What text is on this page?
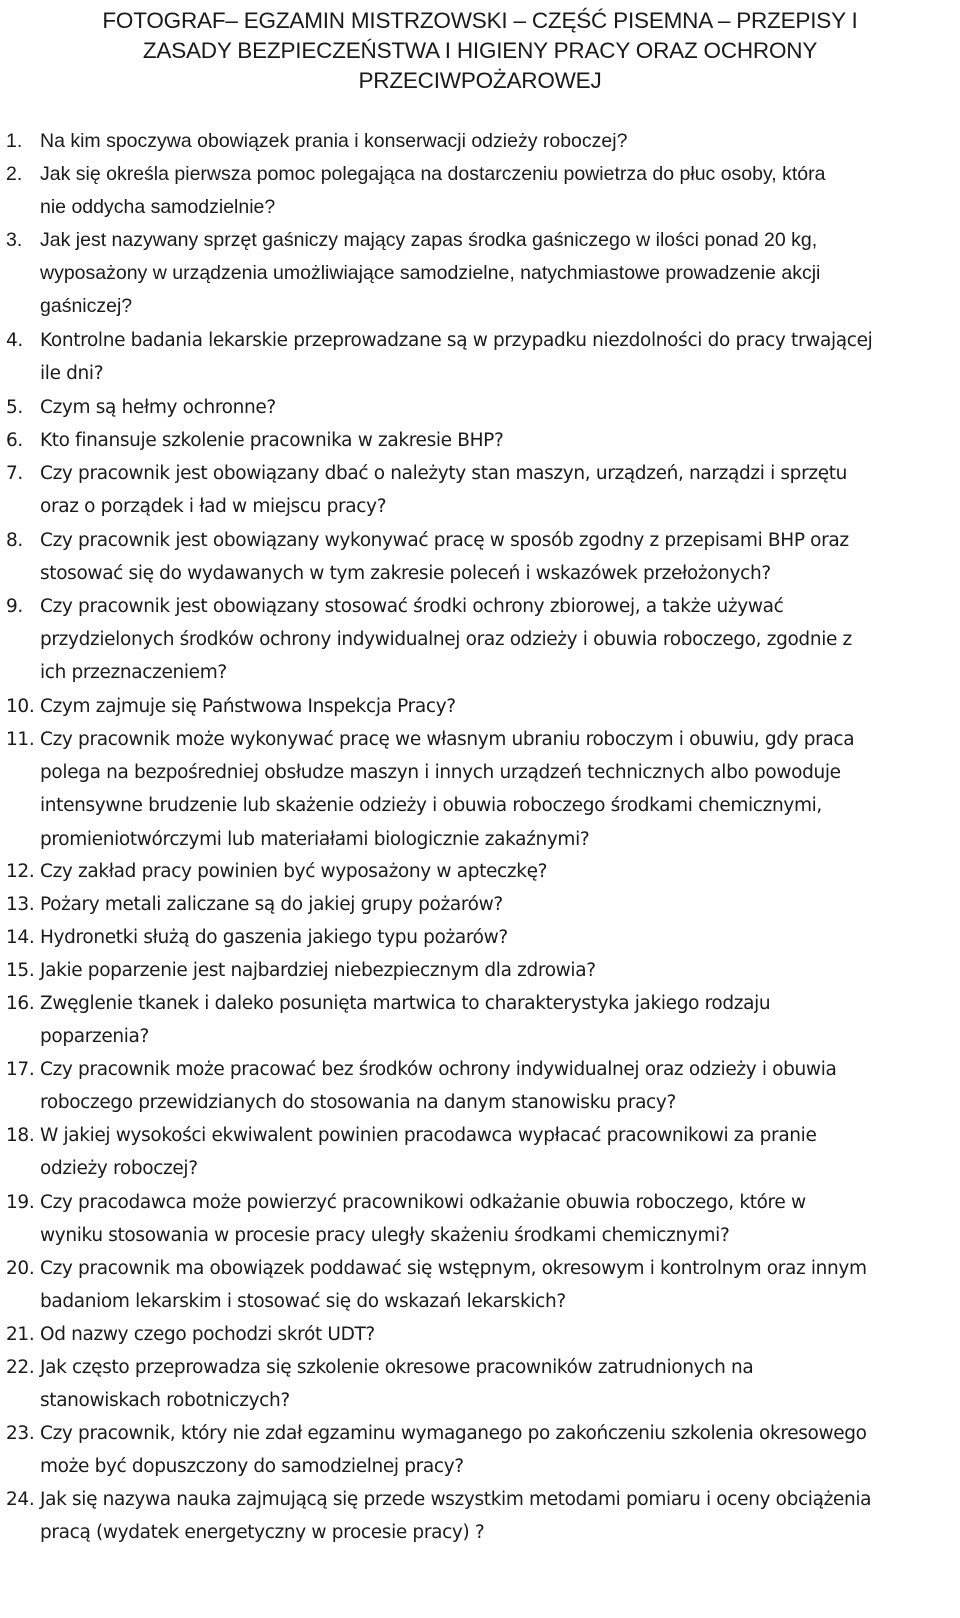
FOTOGRAF– EGZAMIN MISTRZOWSKI – CZĘŚĆ PISEMNA – PRZEPISY I
ZASADY BEZPIECZEŃSTWA I HIGIENY PRACY ORAZ OCHRONY
PRZECIWPOŻAROWEJ
1. Na kim spoczywa obowiązek prania i konserwacji odzieży roboczej?
2. Jak się określa pierwsza pomoc polegająca na dostarczeniu powietrza do płuc osoby, która
nie oddycha samodzielnie?
3. Jak jest nazywany sprzęt gaśniczy mający zapas środka gaśniczego w ilości ponad 20 kg,
wyposażony w urządzenia umożliwiające samodzielne, natychmiastowe prowadzenie akcji
gaśniczej?
4. Kontrolne badania lekarskie przeprowadzane są w przypadku niezdolności do pracy trwającej
ile dni?
5. Czym są hełmy ochronne?
6. Kto finansuje szkolenie pracownika w zakresie BHP?
7. Czy pracownik jest obowiązany dbać o należyty stan maszyn, urządzeń, narządzi i sprzętu
oraz o porządek i ład w miejscu pracy?
8. Czy pracownik jest obowiązany wykonywać pracę w sposób zgodny z przepisami BHP oraz
stosować się do wydawanych w tym zakresie poleceń i wskazówek przełożonych?
9. Czy pracownik jest obowiązany stosować środki ochrony zbiorowej, a także używać
przydzielonych środków ochrony indywidualnej oraz odzieży i obuwia roboczego, zgodnie z
ich przeznaczeniem?
10. Czym zajmuje się Państwowa Inspekcja Pracy?
11. Czy pracownik może wykonywać pracę we własnym ubraniu roboczym i obuwiu, gdy praca
polega na bezpośredniej obsłudze maszyn i innych urządzeń technicznych albo powoduje
intensywne brudzenie lub skażenie odzieży i obuwia roboczego środkami chemicznymi,
promieniotwórczymi lub materiałami biologicznie zakaźnymi?
12. Czy zakład pracy powinien być wyposażony w apteczkę?
13. Pożary metali zaliczane są do jakiej grupy pożarów?
14. Hydronetki służą do gaszenia jakiego typu pożarów?
15. Jakie poparzenie jest najbardziej niebezpiecznym dla zdrowia?
16. Zwęglenie tkanek i daleko posunięta martwica to charakterystyka jakiego rodzaju
poparzenia?
17. Czy pracownik może pracować bez środków ochrony indywidualnej oraz odzieży i obuwia
roboczego przewidzianych do stosowania na danym stanowisku pracy?
18. W jakiej wysokości ekwiwalent powinien pracodawca wypłacać pracownikowi za pranie
odzieży roboczej?
19. Czy pracodawca może powierzyć pracownikowi odkażanie obuwia roboczego, które w
wyniku stosowania w procesie pracy uległy skażeniu środkami chemicznymi?
20. Czy pracownik ma obowiązek poddawać się wstępnym, okresowym i kontrolnym oraz innym
badaniom lekarskim i stosować się do wskazań lekarskich?
21. Od nazwy czego pochodzi skrót UDT?
22. Jak często przeprowadza się szkolenie okresowe pracowników zatrudnionych na
stanowiskach robotniczych?
23. Czy pracownik, który nie zdał egzaminu wymaganego po zakończeniu szkolenia okresowego
może być dopuszczony do samodzielnej pracy?
24. Jak się nazywa nauka zajmującą się przede wszystkim metodami pomiaru i oceny obciążenia
pracą (wydatek energetyczny w procesie pracy) ?
